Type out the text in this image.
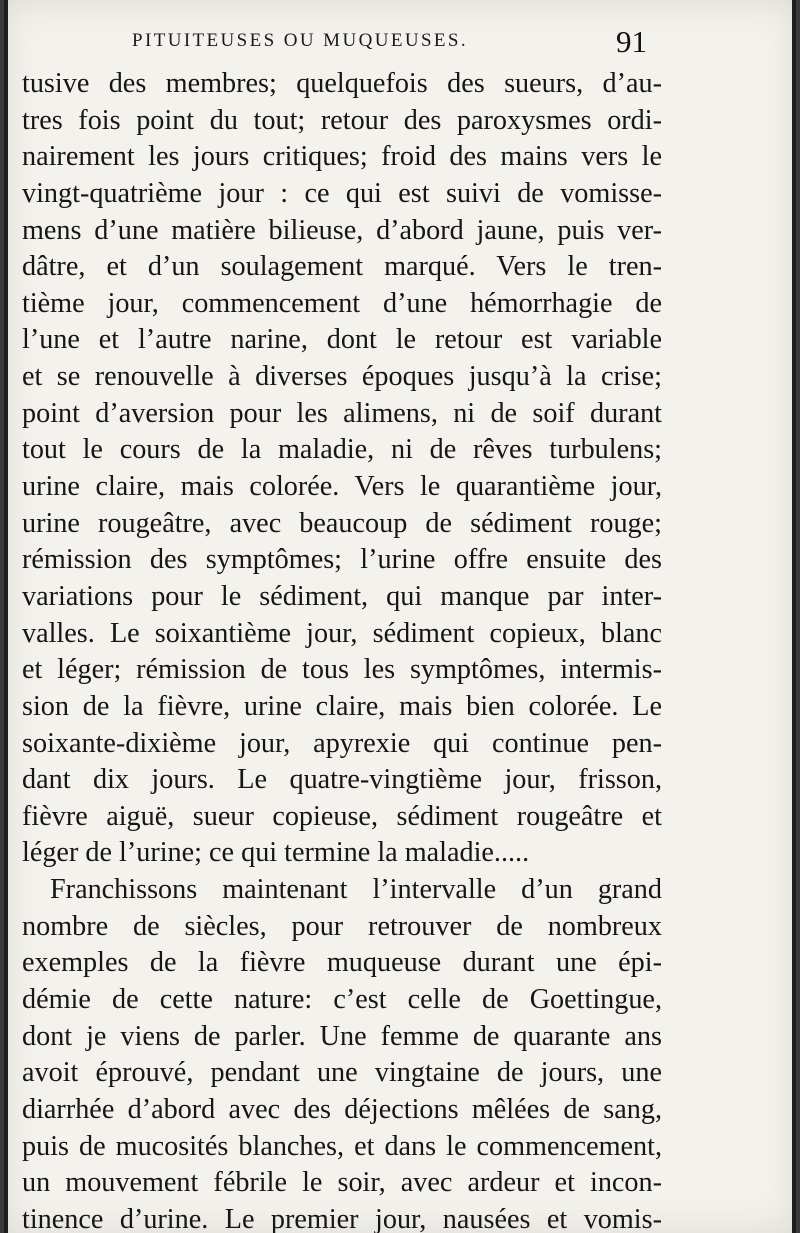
PITUITEUSES OU MUQUEUSES.	91
tusive des membres; quelquefois des sueurs, d’au-
tres fois point du tout; retour des paroxysmes ordi-
nairement les jours critiques; froid des mains vers le
vingt-quatrième jour : ce qui est suivi de vomisse-
mens d’une matière bilieuse, d’abord jaune, puis ver-
dâtre, et d’un soulagement marqué. Vers le tren-
tième jour, commencement d’une hémorrhagie de
l’une et l’autre narine, dont le retour est variable
et se renouvelle à diverses époques jusqu’à la crise;
point d’aversion pour les alimens, ni de soif durant
tout le cours de la maladie, ni de rêves turbulens;
urine claire, mais colorée. Vers le quarantième jour,
urine rougeâtre, avec beaucoup de sédiment rouge;
rémission des symptômes; l’urine offre ensuite des
variations pour le sédiment, qui manque par inter-
valles. Le soixantième jour, sédiment copieux, blanc
et léger; rémission de tous les symptômes, intermis-
sion de la fièvre, urine claire, mais bien colorée. Le
soixante-dixième jour, apyrexie qui continue pen-
dant dix jours. Le quatre-vingtième jour, frisson,
fièvre aiguë, sueur copieuse, sédiment rougeâtre et
léger de l’urine; ce qui termine la maladie.....
Franchissons maintenant l’intervalle d’un grand
nombre de siècles, pour retrouver de nombreux
exemples de la fièvre muqueuse durant une épi-
démie de cette nature: c’est celle de Goettingue,
dont je viens de parler. Une femme de quarante ans
avoit éprouvé, pendant une vingtaine de jours, une
diarrhée d’abord avec des déjections mêlées de sang,
puis de mucosités blanches, et dans le commencement,
un mouvement fébrile le soir, avec ardeur et incon-
tinence d’urine. Le premier jour, nausées et vomis-
